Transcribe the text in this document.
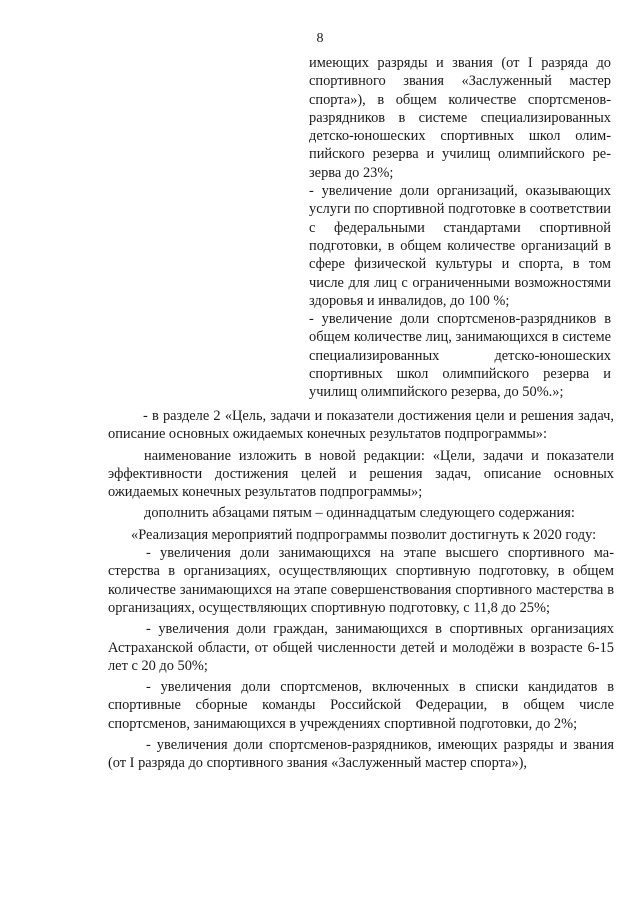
8

имеющих разряды и звания (от I разряда до спортивного звания «Заслуженный мастер спорта»), в общем количестве спортсменов-разрядников в системе специализированных детско-юношеских спортивных школ олимпийского резерва и училищ олимпийского резерва до 23%;

- увеличение доли организаций, оказывающих услуги по спортивной подготовке в соответствии с федеральными стандартами спортивной подготовки, в общем количестве организаций в сфере физической культуры и спорта, в том числе для лиц с ограниченными возможностями здоровья и инвалидов, до 100 %;

- увеличение доли спортсменов-разрядников в общем количестве лиц, занимающихся в системе специализированных детско-юношеских спортивных школ олимпийского резерва и училищ олимпийского резерва, до 50%.»;

- в разделе 2 «Цель, задачи и показатели достижения цели и решения задач, описание основных ожидаемых конечных результатов подпрограммы»:

наименование изложить в новой редакции: «Цели, задачи и показатели эффективности достижения целей и решения задач, описание основных ожидаемых конечных результатов подпрограммы»;

дополнить абзацами пятым – одиннадцатым следующего содержания:

«Реализация мероприятий подпрограммы позволит достигнуть к 2020 году:

- увеличения доли занимающихся на этапе высшего спортивного мастерства в организациях, осуществляющих спортивную подготовку, в общем количестве занимающихся на этапе совершенствования спортивного мастерства в организациях, осуществляющих спортивную подготовку, с 11,8 до 25%;

- увеличения доли граждан, занимающихся в спортивных организациях Астраханской области, от общей численности детей и молодёжи в возрасте 6-15 лет с 20 до 50%;

- увеличения доли спортсменов, включенных в списки кандидатов в спортивные сборные команды Российской Федерации, в общем числе спортсменов, занимающихся в учреждениях спортивной подготовки, до 2%;

- увеличения доли спортсменов-разрядников, имеющих разряды и звания (от I разряда до спортивного звания «Заслуженный мастер спорта»),
